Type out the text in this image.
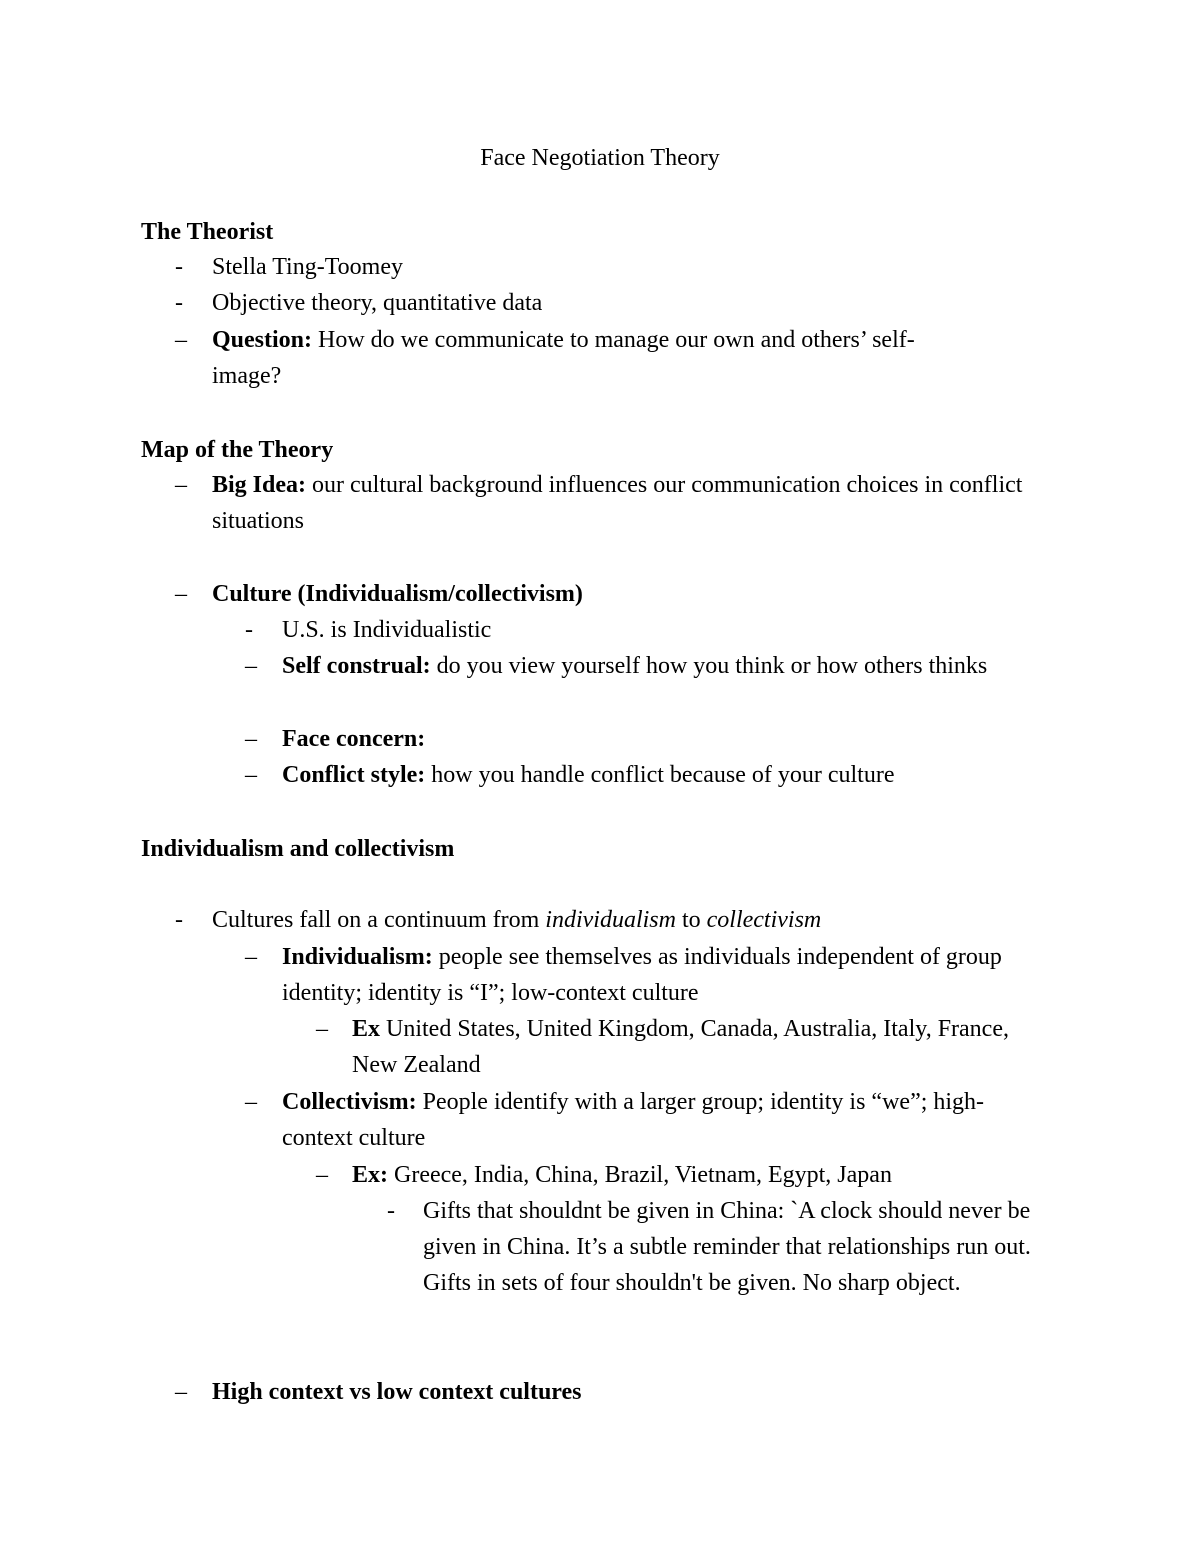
Face Negotiation Theory
The Theorist
- Stella Ting-Toomey
- Objective theory, quantitative data
– Question: How do we communicate to manage our own and others’ self-image?
Map of the Theory
– Big Idea: our cultural background influences our communication choices in conflict situations
– Culture (Individualism/collectivism)
- U.S. is Individualistic
– Self construal: do you view yourself how you think or how others thinks
– Face concern:
– Conflict style: how you handle conflict because of your culture
Individualism and collectivism
- Cultures fall on a continuum from individualism to collectivism
– Individualism: people see themselves as individuals independent of group identity; identity is “I”; low-context culture
– Ex United States, United Kingdom, Canada, Australia, Italy, France, New Zealand
– Collectivism: People identify with a larger group; identity is “we”; high-context culture
– Ex: Greece, India, China, Brazil, Vietnam, Egypt, Japan
- Gifts that shouldnt be given in China: `A clock should never be given in China. It’s a subtle reminder that relationships run out. Gifts in sets of four shouldn't be given. No sharp object.
– High context vs low context cultures
